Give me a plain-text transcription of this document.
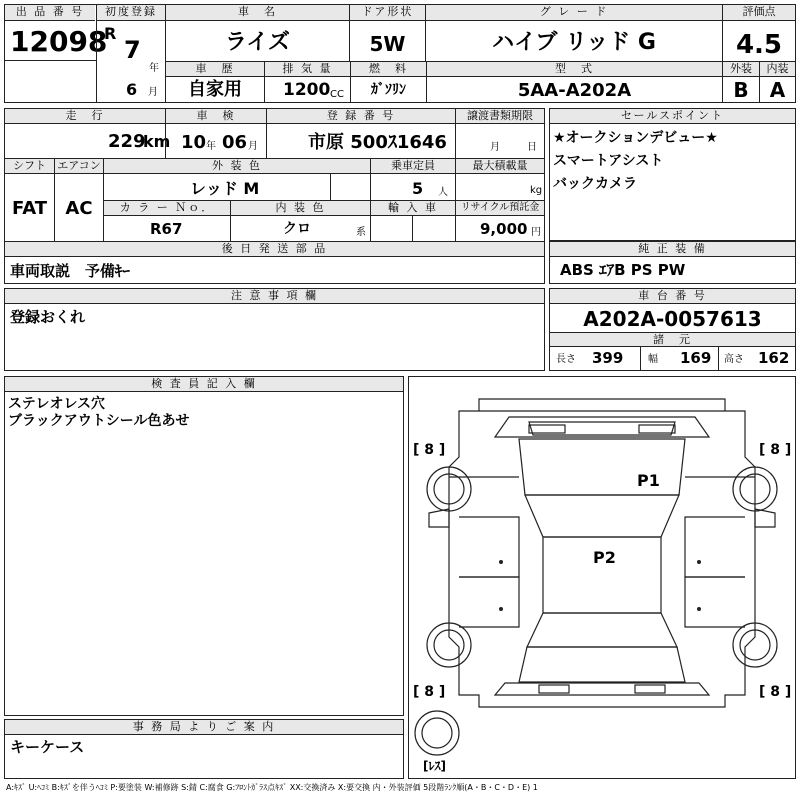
出 品 番 号
12098
初度登録
R
7
年
6 月
車　名
ライズ
ドア形状
5W
グ レ ー ド
ハイブ リッド G
評価点
4.5
車　歴
自家用
排 気 量
1200 CC
燃　料
ｶﾞｿﾘﾝ
型　式
5AA-A202A
外装	内装
B	A
走　行
229
km
車　検
10 年 06 月
登 録 番 号
市原 500ｽ1646
譲渡書類期限
月	日
シフト	エアコン
FAT	AC
外 装 色
レッド M
乗車定員
5 人
最大積載量
kg
カ ラ ー Ｎｏ．
R67
内 装 色
クロ	系
輸 入 車	リサイクル預託金
9,000 円
後 日 発 送 部 品
車両取説　予備ｷｰ
セールスポイント
★オークションデビュー★
スマートアシスト
バックカメラ
純 正 装 備
ABS ｴｱB PS PW
注 意 事 項 欄
登録おくれ
車 台 番 号
A202A-0057613
諸　元
長さ 399 幅 169 高さ 162
検 査 員 記 入 欄
ステレオレス穴
ブラックアウトシール色あせ
事 務 局 よ り ご 案 内
キーケース
[ 8 ]	[ 8 ]
[ 8 ]	[ 8 ]
[ﾚｽ]
P1
P2
A:ｷｽﾞ U:ﾍｺﾐ B:ｷｽﾞを伴うﾍｺﾐ P:要塗装 W:補修跡 S:錆 C:腐食 G:ﾌﾛﾝﾄｶﾞﾗｽ点ｷｽﾞ XX:交換済み X:要交換 内・外装評価 5段階ﾗﾝｸ順(A・B・C・D・E) 1
